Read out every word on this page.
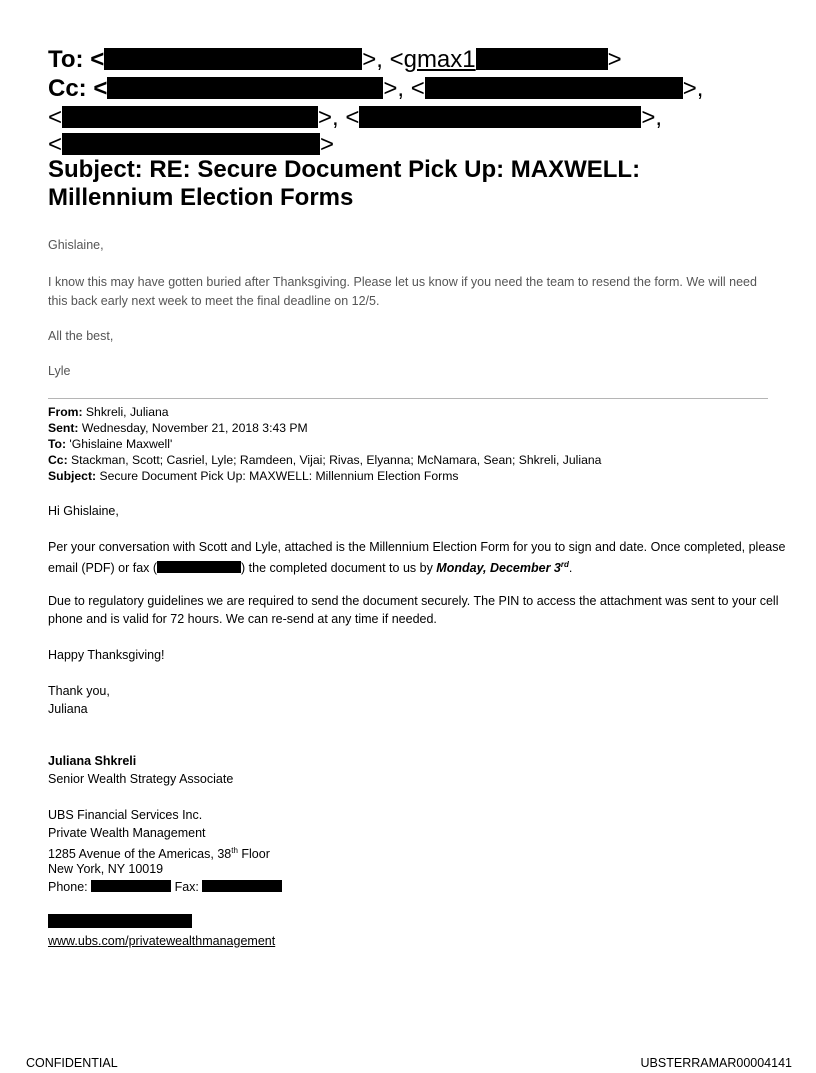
To: <	>, <gmax1	>
Cc: <	>, <	>,
<	>, <	>,
<	>
Subject: RE: Secure Document Pick Up: MAXWELL: Millennium Election Forms
Ghislaine,
I know this may have gotten buried after Thanksgiving. Please let us know if you need the team to resend the form. We will need this back early next week to meet the final deadline on 12/5.
All the best,
Lyle
From: Shkreli, Juliana
Sent: Wednesday, November 21, 2018 3:43 PM
To: 'Ghislaine Maxwell'
Cc: Stackman, Scott; Casriel, Lyle; Ramdeen, Vijai; Rivas, Elyanna; McNamara, Sean; Shkreli, Juliana
Subject: Secure Document Pick Up: MAXWELL: Millennium Election Forms
Hi Ghislaine,
Per your conversation with Scott and Lyle, attached is the Millennium Election Form for you to sign and date. Once completed, please email (PDF) or fax (	) the completed document to us by Monday, December 3rd.
Due to regulatory guidelines we are required to send the document securely. The PIN to access the attachment was sent to your cell phone and is valid for 72 hours. We can re-send at any time if needed.
Happy Thanksgiving!
Thank you,
Juliana
Juliana Shkreli
Senior Wealth Strategy Associate
UBS Financial Services Inc.
Private Wealth Management
1285 Avenue of the Americas, 38th Floor
New York, NY 10019
Phone:	Fax:
www.ubs.com/privatewealthmanagement
CONFIDENTIAL	UBSTERRAMAR00004141
